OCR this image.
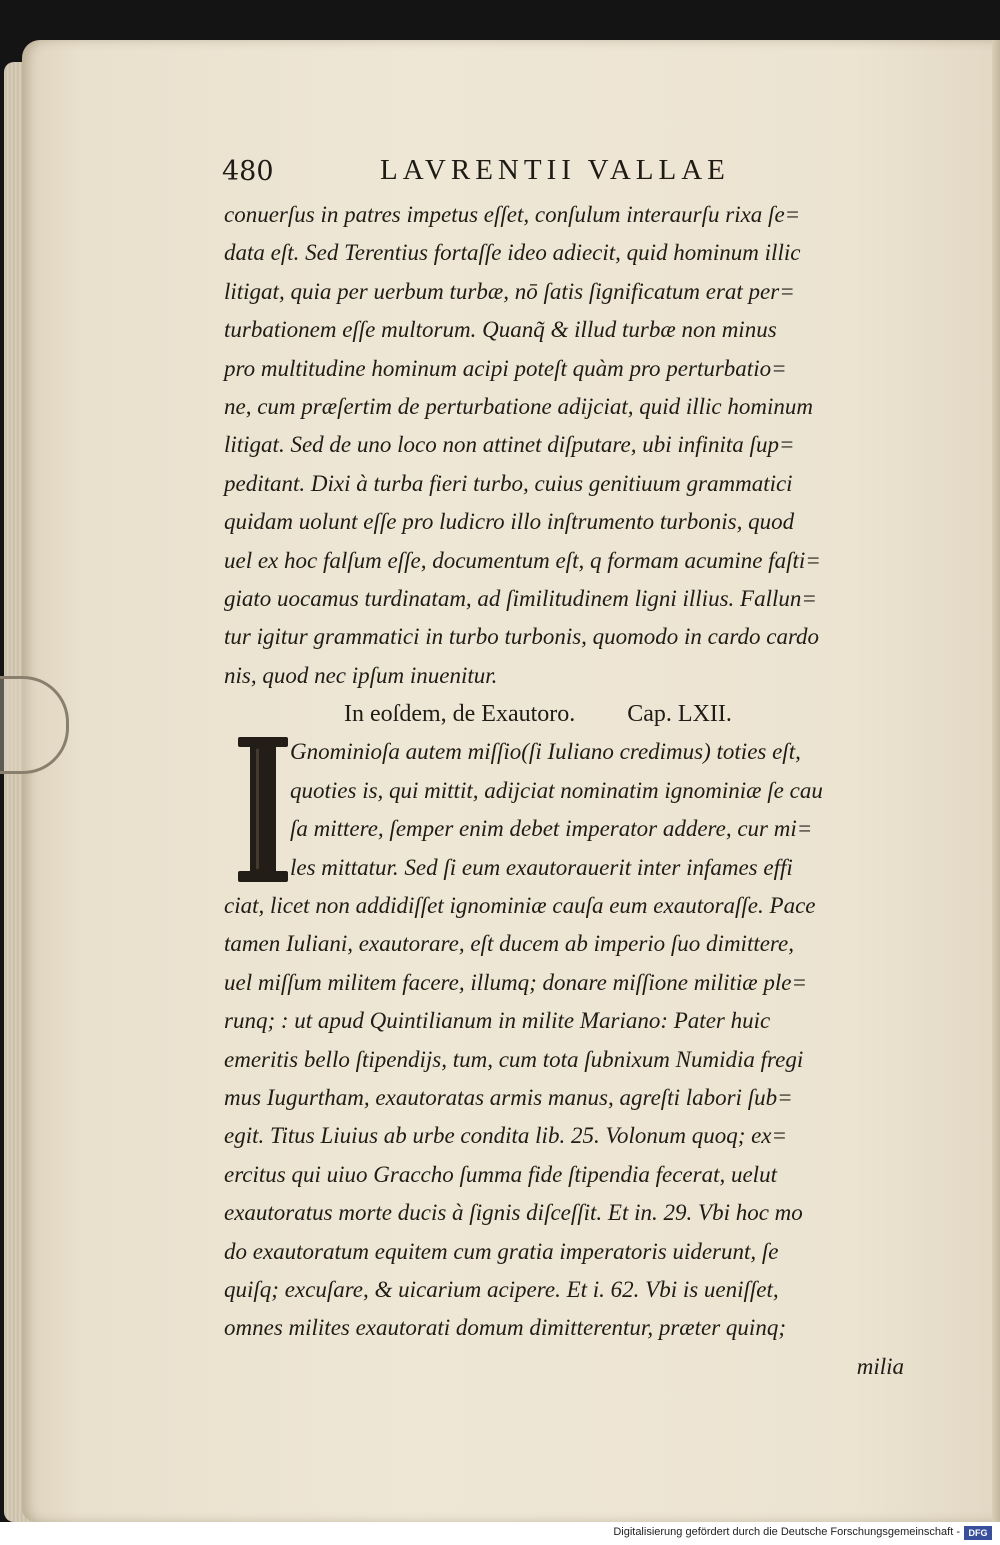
480	LAVRENTII VALLAE
conuerſus in patres impetus eſſet, conſulum interaurſu rixa ſe=
data eſt. Sed Terentius fortaſſe ideo adiecit, quid hominum illic
litigat, quia per uerbum turbæ, nō ſatis ſignificatum erat per=
turbationem eſſe multorum. Quanq̃ & illud turbæ non minus
pro multitudine hominum acipi poteſt quàm pro perturbatio=
ne, cum præſertim de perturbatione adijciat, quid illic hominum
litigat. Sed de uno loco non attinet diſputare, ubi infinita ſup=
peditant. Dixi à turba fieri turbo, cuius genitiuum grammatici
quidam uolunt eſſe pro ludicro illo inſtrumento turbonis, quod
uel ex hoc falſum eſſe, documentum eſt, q formam acumine faſti=
giato uocamus turdinatam, ad ſimilitudinem ligni illius. Fallun=
tur igitur grammatici in turbo turbonis, quomodo in cardo cardo
nis, quod nec ipſum inuenitur.
In eoſdem, de Exautoro. Cap. LXII.
Gnominioſa autem miſſio(ſi Iuliano credimus) toties eſt,
quoties is, qui mittit, adijciat nominatim ignominiæ ſe cau
ſa mittere, ſemper enim debet imperator addere, cur mi=
les mittatur. Sed ſi eum exautorauerit inter infames effi
ciat, licet non addidiſſet ignominiæ cauſa eum exautoraſſe. Pace
tamen Iuliani, exautorare, eſt ducem ab imperio ſuo dimittere,
uel miſſum militem facere, illumq; donare miſſione militiæ ple=
runq; : ut apud Quintilianum in milite Mariano: Pater huic
emeritis bello ſtipendijs, tum, cum tota ſubnixum Numidia fregi
mus Iugurtham, exautoratas armis manus, agreſti labori ſub=
egit. Titus Liuius ab urbe condita lib. 25. Volonum quoq; ex=
ercitus qui uiuo Graccho ſumma fide ſtipendia fecerat, uelut
exautoratus morte ducis à ſignis diſceſſit. Et in. 29. Vbi hoc mo
do exautoratum equitem cum gratia imperatoris uiderunt, ſe
quiſq; excuſare, & uicarium acipere. Et i. 62. Vbi is ueniſſet,
omnes milites exautorati domum dimitterentur, præter quinq;
milia
Digitalisierung gefördert durch die Deutsche Forschungsgemeinschaft - DFG
